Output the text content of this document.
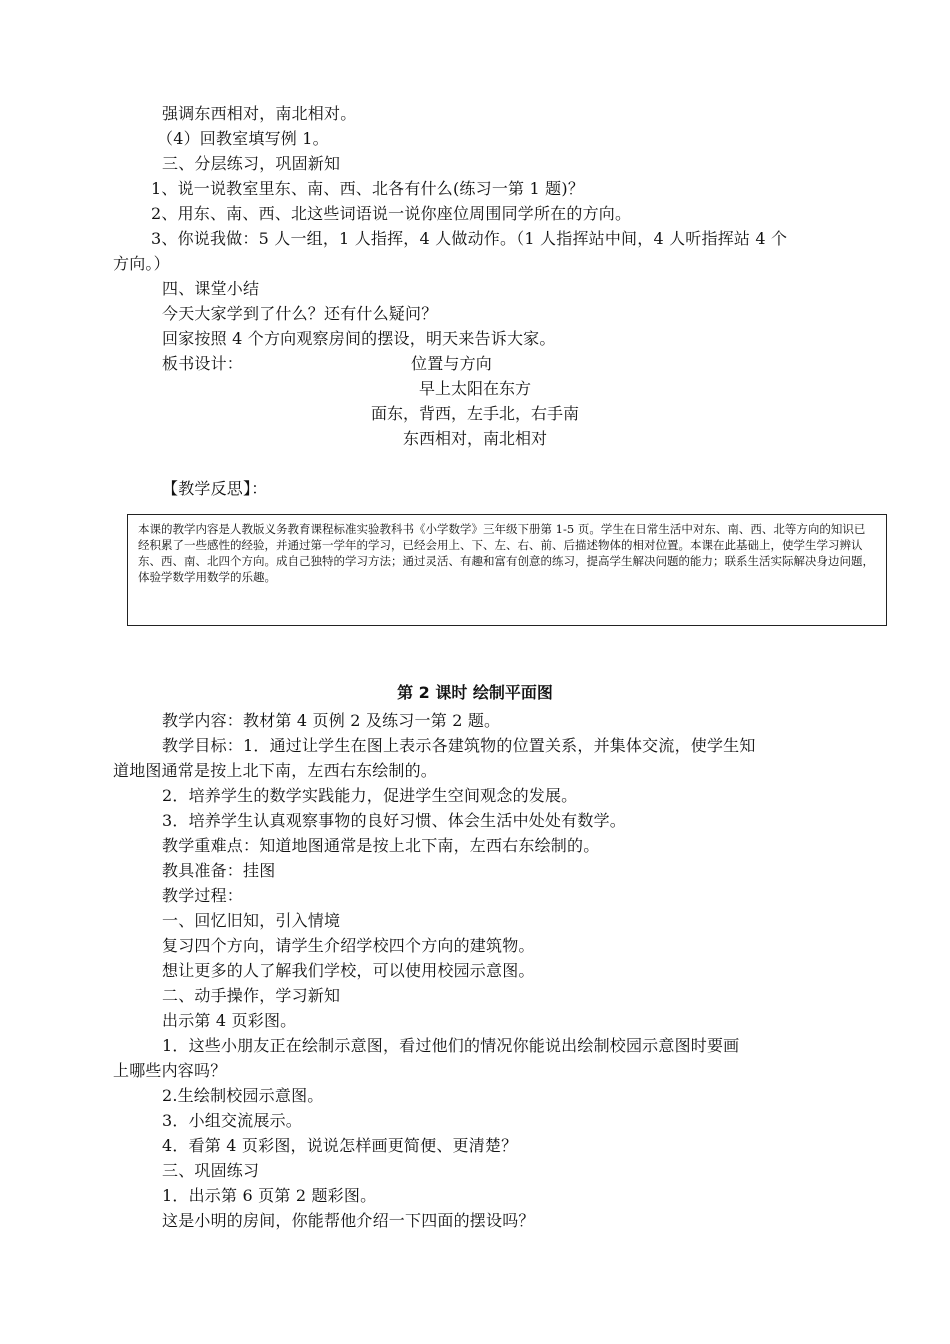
强调东西相对，南北相对。
（4）回教室填写例 1。
三、分层练习，巩固新知
1、说一说教室里东、南、西、北各有什么(练习一第 1 题)？
2、用东、南、西、北这些词语说一说你座位周围同学所在的方向。
3、你说我做：5 人一组，1 人指挥，4 人做动作。（1 人指挥站中间，4 人听指挥站 4 个
方向。）
四、课堂小结
今天大家学到了什么？还有什么疑问？
回家按照 4 个方向观察房间的摆设，明天来告诉大家。
板书设计：	位置与方向
早上太阳在东方
面东，背西，左手北，右手南
东西相对，南北相对
【教学反思】：
本课的教学内容是人教版义务教育课程标准实验教科书《小学数学》三年级下册第 1-5 页。学生在日常生活中对东、南、西、北等方向的知识已经积累了一些感性的经验，并通过第一学年的学习，已经会用上、下、左、右、前、后描述物体的相对位置。本课在此基础上，使学生学习辨认东、西、南、北四个方向。成自己独特的学习方法；通过灵活、有趣和富有创意的练习，提高学生解决问题的能力；联系生活实际解决身边问题，体验学数学用数学的乐趣。
第 2 课时 绘制平面图
教学内容：教材第 4 页例 2 及练习一第 2 题。
教学目标：1．通过让学生在图上表示各建筑物的位置关系，并集体交流，使学生知
道地图通常是按上北下南，左西右东绘制的。
2．培养学生的数学实践能力，促进学生空间观念的发展。
3．培养学生认真观察事物的良好习惯、体会生活中处处有数学。
教学重难点：知道地图通常是按上北下南，左西右东绘制的。
教具准备：挂图
教学过程：
一、回忆旧知，引入情境
复习四个方向，请学生介绍学校四个方向的建筑物。
想让更多的人了解我们学校，可以使用校园示意图。
二、动手操作，学习新知
出示第 4 页彩图。
1．这些小朋友正在绘制示意图，看过他们的情况你能说出绘制校园示意图时要画
上哪些内容吗？
2.生绘制校园示意图。
3．小组交流展示。
4．看第 4 页彩图，说说怎样画更简便、更清楚？
三、巩固练习
1．出示第 6 页第 2 题彩图。
这是小明的房间，你能帮他介绍一下四面的摆设吗？
